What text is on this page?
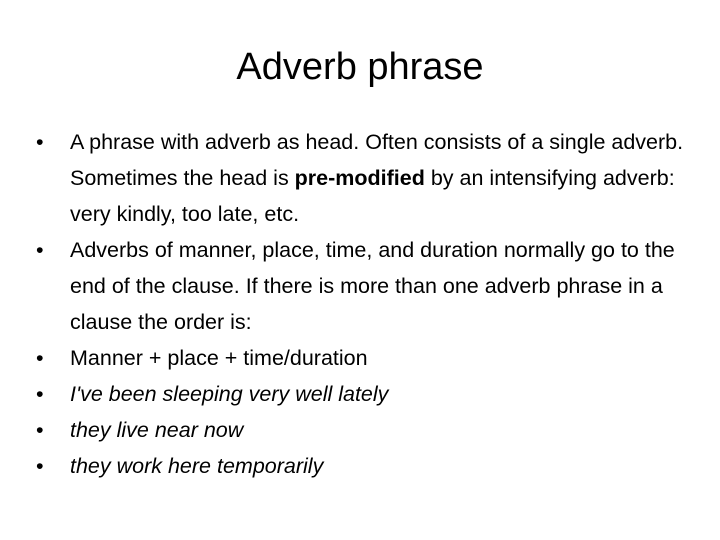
Adverb phrase
•	A phrase with adverb as head. Often consists of a single adverb. Sometimes the head is pre-modified by an intensifying adverb: very kindly, too late, etc.
•	Adverbs of manner, place, time, and duration normally go to the end of the clause. If there is more than one adverb phrase in a clause the order is:
•	Manner + place + time/duration
•	I've been sleeping very well lately
•	they live near now
•	they work here temporarily
